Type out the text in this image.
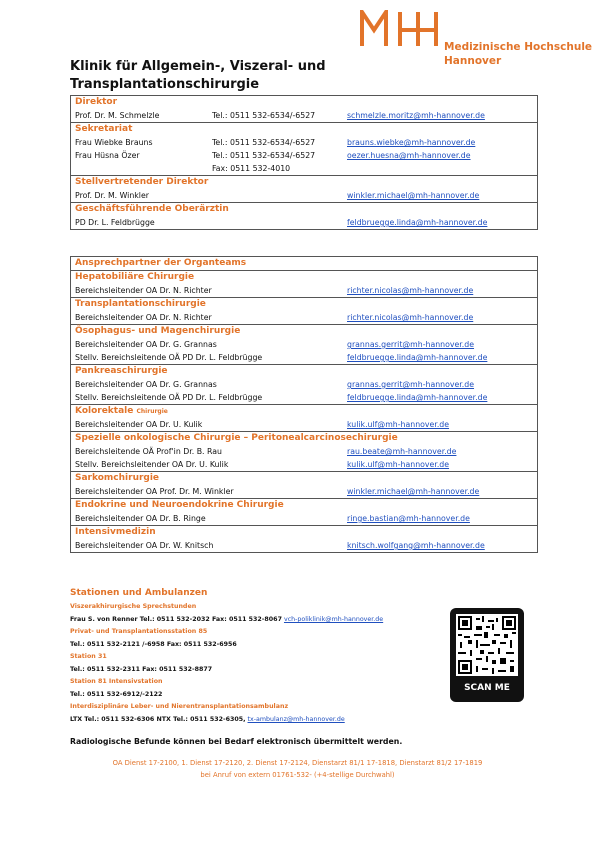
Medizinische Hochschule
Hannover
Klinik für Allgemein-, Viszeral- und
Transplantationschirurgie
Direktor
Prof. Dr. M. Schmelzle	Tel.: 0511 532-6534/-6527	schmelzle.moritz@mh-hannover.de

Sekretariat
Frau Wiebke Brauns	Tel.: 0511 532-6534/-6527	brauns.wiebke@mh-hannover.de
Frau Hüsna Özer	Tel.: 0511 532-6534/-6527	oezer.huesna@mh-hannover.de
Fax: 0511 532-4010

Stellvertretender Direktor
Prof. Dr. M. Winkler	winkler.michael@mh-hannover.de

Geschäftsführende Oberärztin
PD Dr. L. Feldbrügge	feldbruegge.linda@mh-hannover.de
Ansprechpartner der Organteams

Hepatobiliäre Chirurgie
Bereichsleitender OA Dr. N. Richter	richter.nicolas@mh-hannover.de

Transplantationschirurgie
Bereichsleitender OA Dr. N. Richter	richter.nicolas@mh-hannover.de

Ösophagus- und Magenchirurgie
Bereichsleitender OA Dr. G. Grannas	grannas.gerrit@mh-hannover.de
Stellv. Bereichsleitende OÄ PD Dr. L. Feldbrügge	feldbruegge.linda@mh-hannover.de

Pankreaschirurgie
Bereichsleitender OA Dr. G. Grannas	grannas.gerrit@mh-hannover.de
Stellv. Bereichsleitende OÄ PD Dr. L. Feldbrügge	feldbruegge.linda@mh-hannover.de

Kolorektale Chirurgie
Bereichsleitender OA Dr. U. Kulik	kulik.ulf@mh-hannover.de

Spezielle onkologische Chirurgie – Peritonealcarcinosechirurgie
Bereichsleitende OÄ Prof'in Dr. B. Rau	rau.beate@mh-hannover.de
Stellv. Bereichsleitender OA Dr. U. Kulik	kulik.ulf@mh-hannover.de

Sarkomchirurgie
Bereichsleitender OA Prof. Dr. M. Winkler	winkler.michael@mh-hannover.de

Endokrine und Neuroendokrine Chirurgie
Bereichsleitender OA Dr. B. Ringe	ringe.bastian@mh-hannover.de

Intensivmedizin
Bereichsleitender OA Dr. W. Knitsch	knitsch.wolfgang@mh-hannover.de
Stationen und Ambulanzen
Viszerakhirurgische Sprechstunden
Frau S. von Renner Tel.: 0511 532-2032 Fax: 0511 532-8067 vch-poliklinik@mh-hannover.de
Privat- und Transplantationsstation 85
Tel.: 0511 532-2121 /-6958 Fax: 0511 532-6956
Station 31
Tel.: 0511 532-2311 Fax: 0511 532-8877
Station 81 Intensivstation
Tel.: 0511 532-6912/-2122
Interdisziplinäre Leber- und Nierentransplantationsambulanz
LTX Tel.: 0511 532-6306 NTX Tel.: 0511 532-6305, tx-ambulanz@mh-hannover.de
SCAN ME
Radiologische Befunde können bei Bedarf elektronisch übermittelt werden.
OA Dienst 17-2100, 1. Dienst 17-2120, 2. Dienst 17-2124, Dienstarzt 81/1 17-1818, Dienstarzt 81/2 17-1819
bei Anruf von extern 01761-532- (+4-stellige Durchwahl)
